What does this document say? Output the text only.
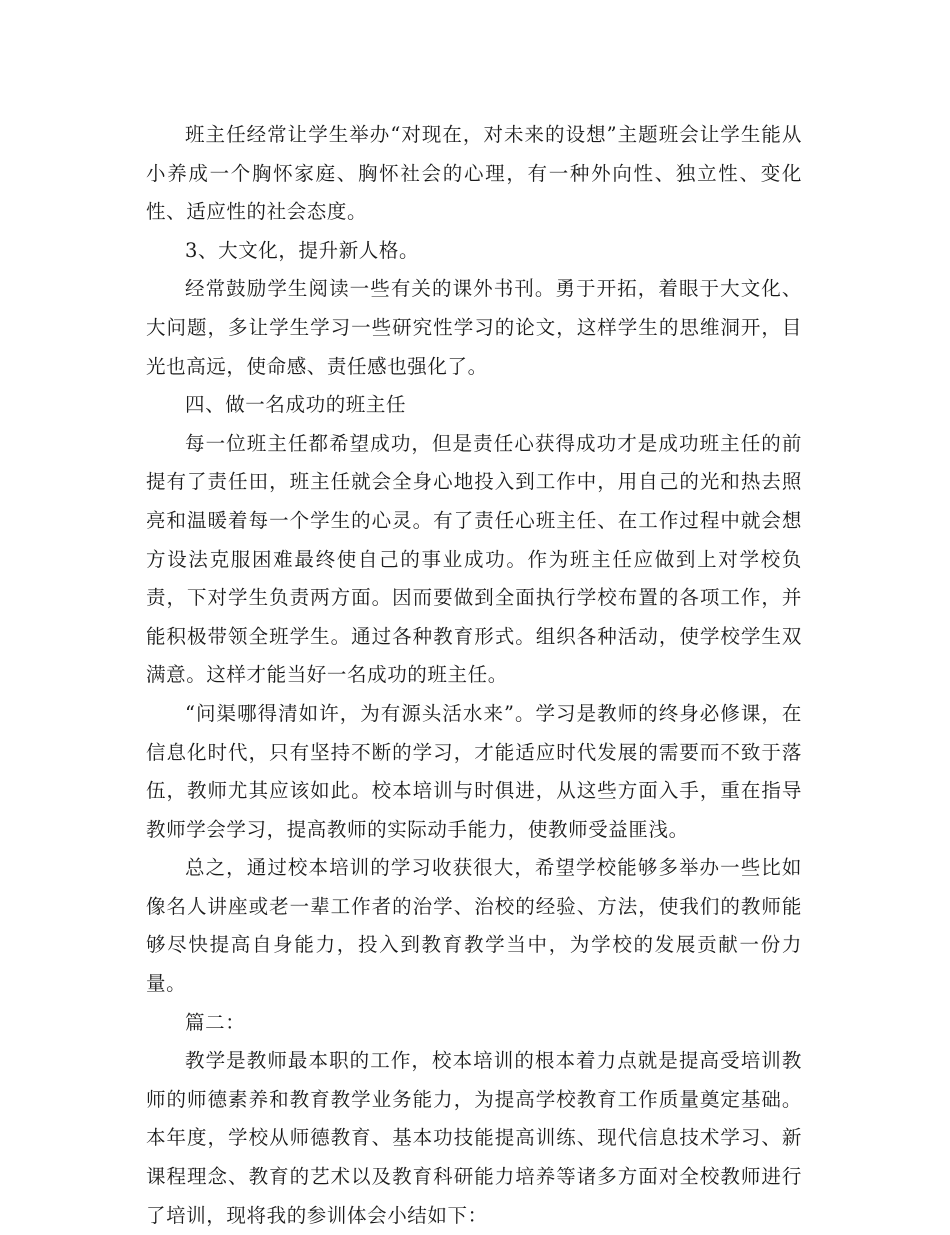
班主任经常让学生举办“对现在，对未来的设想”主题班会让学生能从小养成一个胸怀家庭、胸怀社会的心理，有一种外向性、独立性、变化性、适应性的社会态度。

3、大文化，提升新人格。

经常鼓励学生阅读一些有关的课外书刊。勇于开拓，着眼于大文化、大问题，多让学生学习一些研究性学习的论文，这样学生的思维洞开，目光也高远，使命感、责任感也强化了。

四、做一名成功的班主任

每一位班主任都希望成功，但是责任心获得成功才是成功班主任的前提有了责任田，班主任就会全身心地投入到工作中，用自己的光和热去照亮和温暖着每一个学生的心灵。有了责任心班主任、在工作过程中就会想方设法克服困难最终使自己的事业成功。作为班主任应做到上对学校负责，下对学生负责两方面。因而要做到全面执行学校布置的各项工作，并能积极带领全班学生。通过各种教育形式。组织各种活动，使学校学生双满意。这样才能当好一名成功的班主任。

“问渠哪得清如许，为有源头活水来”。学习是教师的终身必修课，在信息化时代，只有坚持不断的学习，才能适应时代发展的需要而不致于落伍，教师尤其应该如此。校本培训与时俱进，从这些方面入手，重在指导教师学会学习，提高教师的实际动手能力，使教师受益匪浅。

总之，通过校本培训的学习收获很大，希望学校能够多举办一些比如像名人讲座或老一辈工作者的治学、治校的经验、方法，使我们的教师能够尽快提高自身能力，投入到教育教学当中，为学校的发展贡献一份力量。

篇二：

教学是教师最本职的工作，校本培训的根本着力点就是提高受培训教师的师德素养和教育教学业务能力，为提高学校教育工作质量奠定基础。本年度，学校从师德教育、基本功技能提高训练、现代信息技术学习、新课程理念、教育的艺术以及教育科研能力培养等诸多方面对全校教师进行了培训，现将我的参训体会小结如下：
